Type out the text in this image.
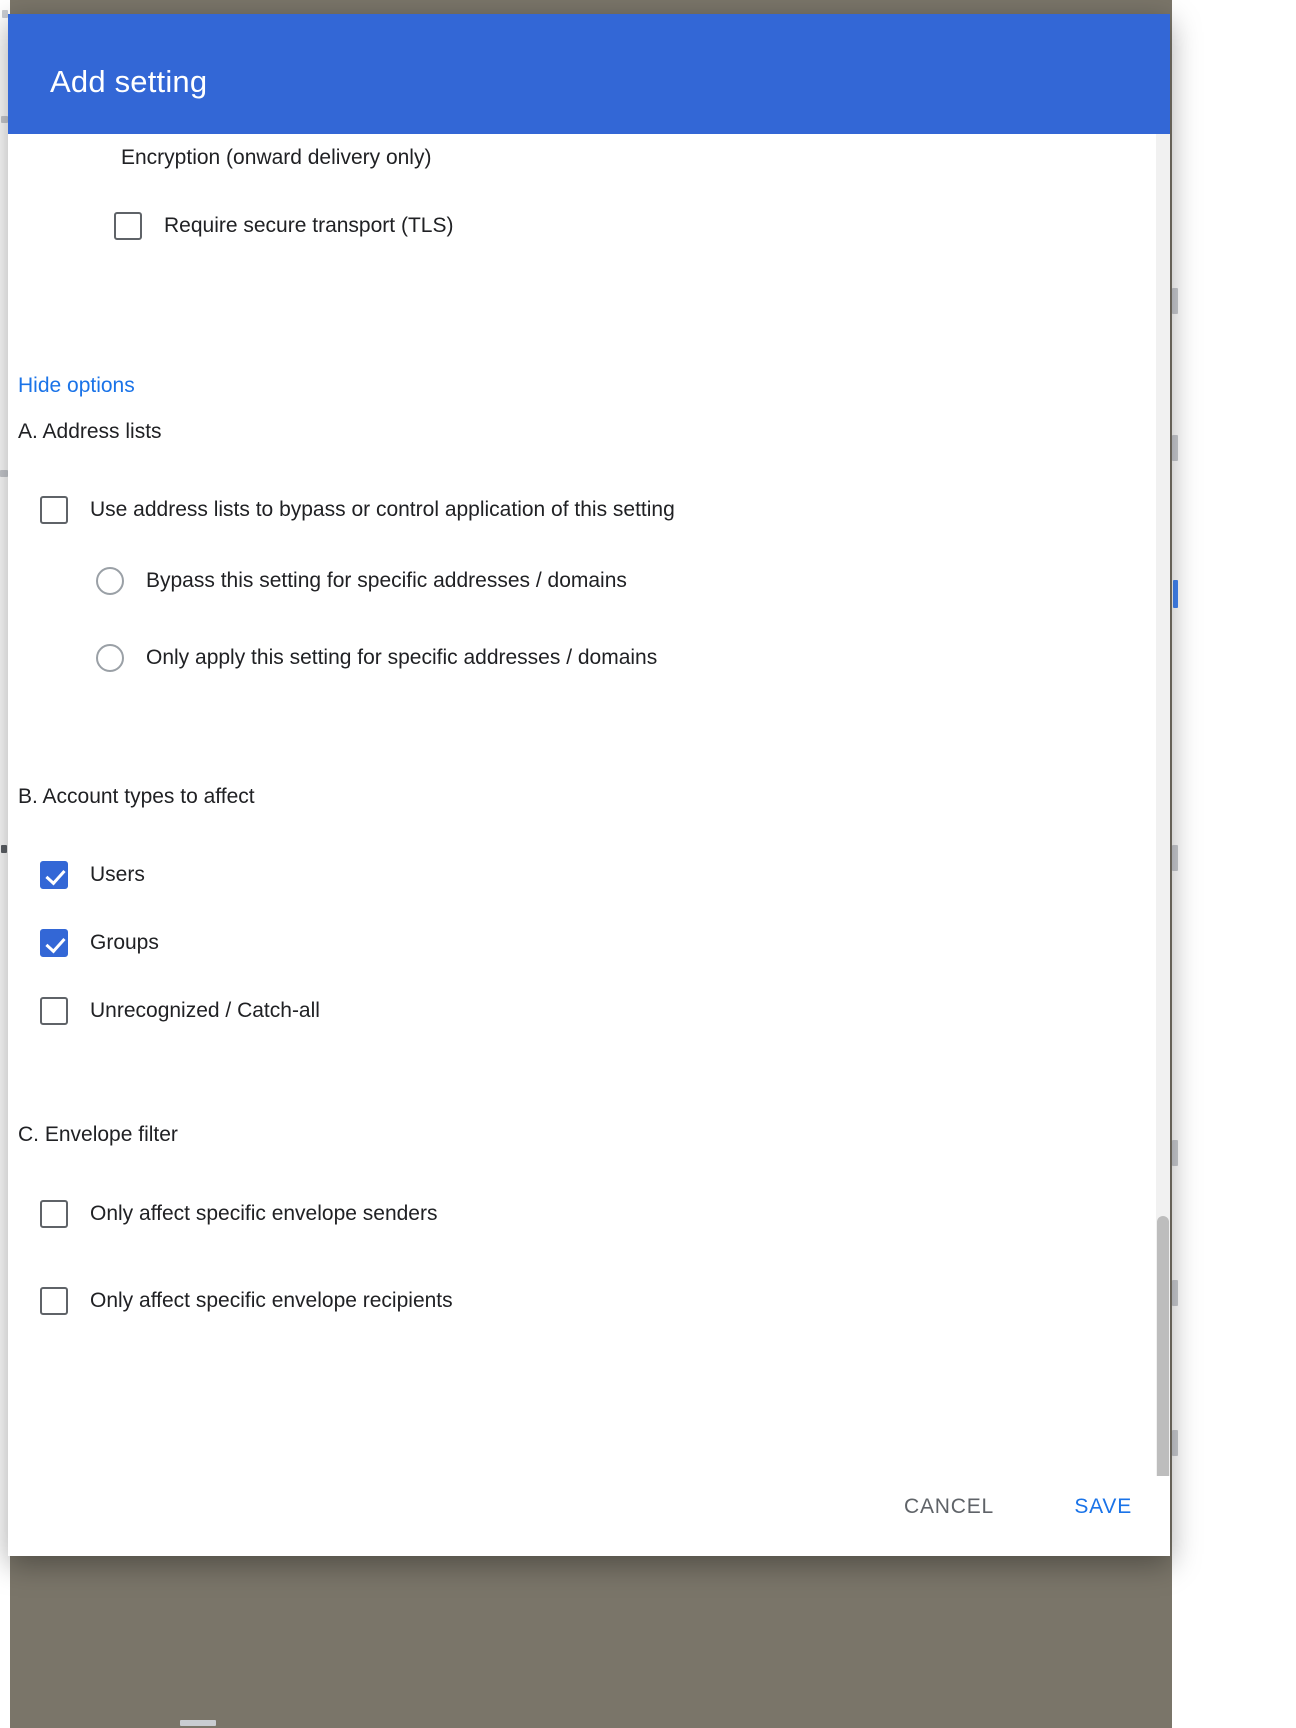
Add setting
Encryption (onward delivery only)
Require secure transport (TLS)
Hide options
A. Address lists
Use address lists to bypass or control application of this setting
Bypass this setting for specific addresses / domains
Only apply this setting for specific addresses / domains
B. Account types to affect
Users
Groups
Unrecognized / Catch-all
C. Envelope filter
Only affect specific envelope senders
Only affect specific envelope recipients
CANCEL	SAVE
